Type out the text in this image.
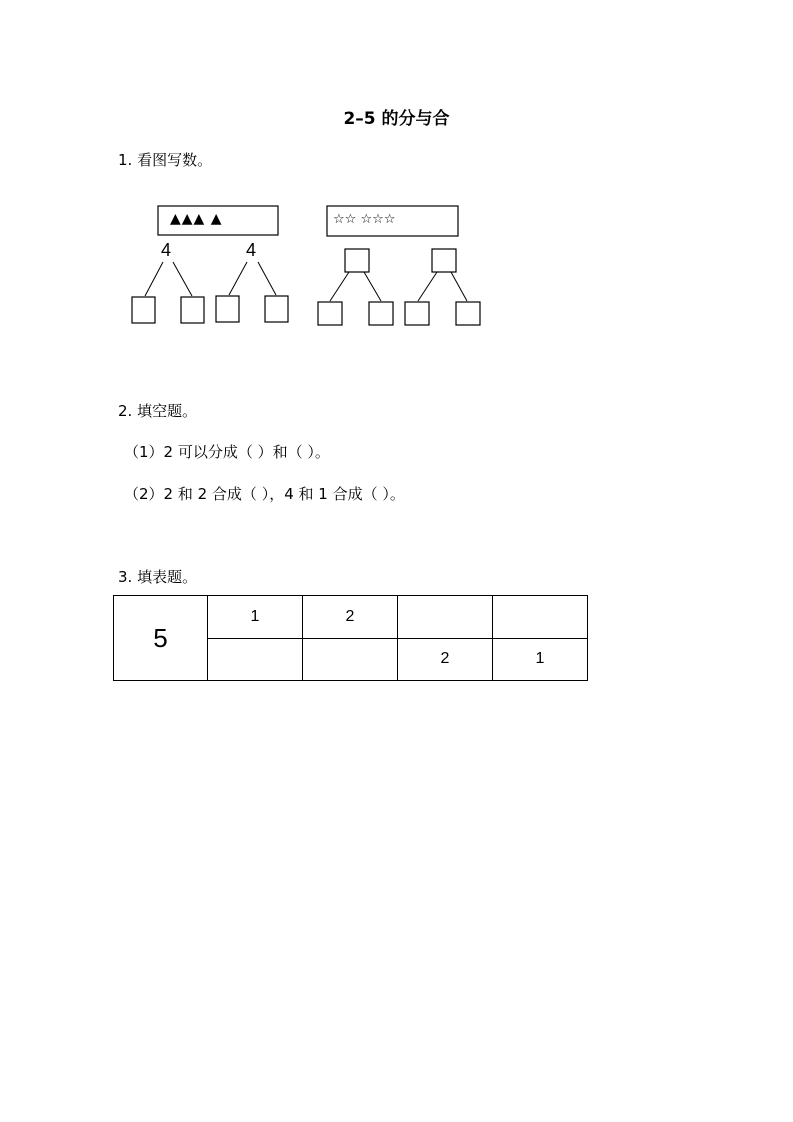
2–5 的分与合
1. 看图写数。
▲▲▲ ▲	☆☆ ☆☆☆
4	4
2. 填空题。
（1）2 可以分成（ ）和（ ）。
（2）2 和 2 合成（ ），4 和 1 合成（ ）。
3. 填表题。
5	1	2		
			2	1
